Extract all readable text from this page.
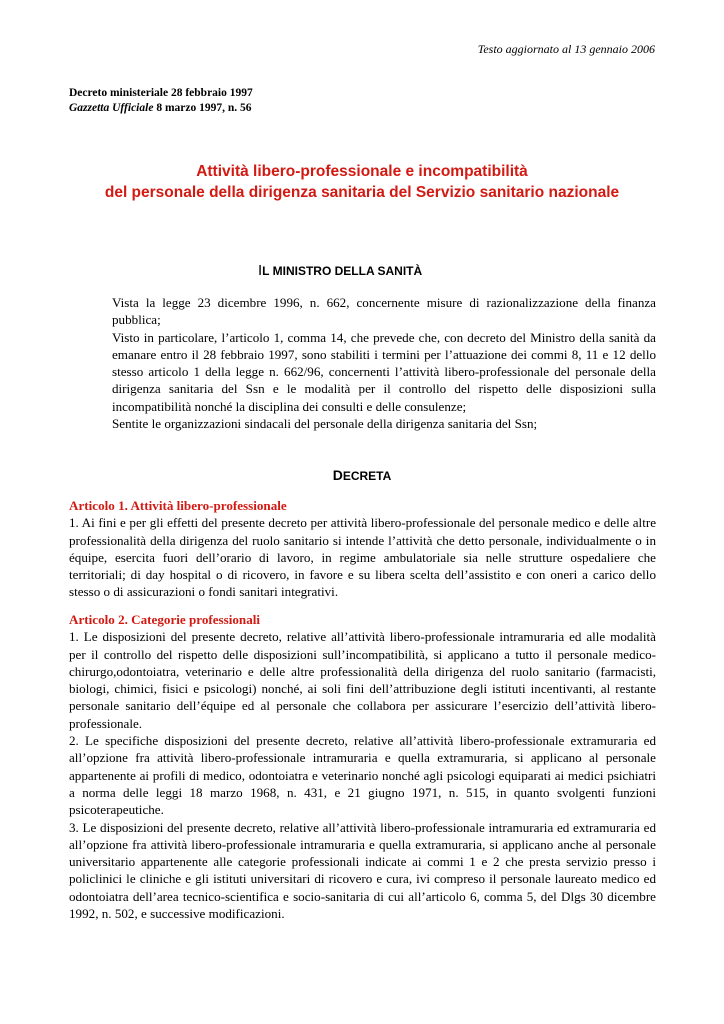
Testo aggiornato al 13 gennaio 2006
Decreto ministeriale 28 febbraio 1997
Gazzetta Ufficiale 8 marzo 1997, n. 56
Attività libero-professionale e incompatibilità
del personale della dirigenza sanitaria del Servizio sanitario nazionale
IL MINISTRO DELLA SANITÀ

Vista la legge 23 dicembre 1996, n. 662, concernente misure di razionalizzazione della finanza pubblica;

Visto in particolare, l’articolo 1, comma 14, che prevede che, con decreto del Ministro della sanità da emanare entro il 28 febbraio 1997, sono stabiliti i termini per l’attuazione dei commi 8, 11 e 12 dello stesso articolo 1 della legge n. 662/96, concernenti l’attività libero-professionale del personale della dirigenza sanitaria del Ssn e le modalità per il controllo del rispetto delle disposizioni sulla incompatibilità nonché la disciplina dei consulti e delle consulenze;

Sentite le organizzazioni sindacali del personale della dirigenza sanitaria del Ssn;

DECRETA
Articolo 1. Attività libero-professionale

1. Ai fini e per gli effetti del presente decreto per attività libero-professionale del personale medico e delle altre professionalità della dirigenza del ruolo sanitario si intende l’attività che detto personale, individualmente o in équipe, esercita fuori dell’orario di lavoro, in regime ambulatoriale sia nelle strutture ospedaliere che territoriali; di day hospital o di ricovero, in favore e su libera scelta dell’assistito e con oneri a carico dello stesso o di assicurazioni o fondi sanitari integrativi.

Articolo 2. Categorie professionali

1. Le disposizioni del presente decreto, relative all’attività libero-professionale intramuraria ed alle modalità per il controllo del rispetto delle disposizioni sull’incompatibilità, si applicano a tutto il personale medico-chirurgo,odontoiatra, veterinario e delle altre professionalità della dirigenza del ruolo sanitario (farmacisti, biologi, chimici, fisici e psicologi) nonché, ai soli fini dell’attribuzione degli istituti incentivanti, al restante personale sanitario dell’équipe ed al personale che collabora per assicurare l’esercizio dell’attività libero-professionale.

2. Le specifiche disposizioni del presente decreto, relative all’attività libero-professionale extramuraria ed all’opzione fra attività libero-professionale intramuraria e quella extramuraria, si applicano al personale appartenente ai profili di medico, odontoiatra e veterinario nonché agli psicologi equiparati ai medici psichiatri a norma delle leggi 18 marzo 1968, n. 431, e 21 giugno 1971, n. 515, in quanto svolgenti funzioni psicoterapeutiche.

3. Le disposizioni del presente decreto, relative all’attività libero-professionale intramuraria ed extramuraria ed all’opzione fra attività libero-professionale intramuraria e quella extramuraria, si applicano anche al personale universitario appartenente alle categorie professionali indicate ai commi 1 e 2 che presta servizio presso i policlinici le cliniche e gli istituti universitari di ricovero e cura, ivi compreso il personale laureato medico ed odontoiatra dell’area tecnico-scientifica e socio-sanitaria di cui all’articolo 6, comma 5, del Dlgs 30 dicembre 1992, n. 502, e successive modificazioni.
